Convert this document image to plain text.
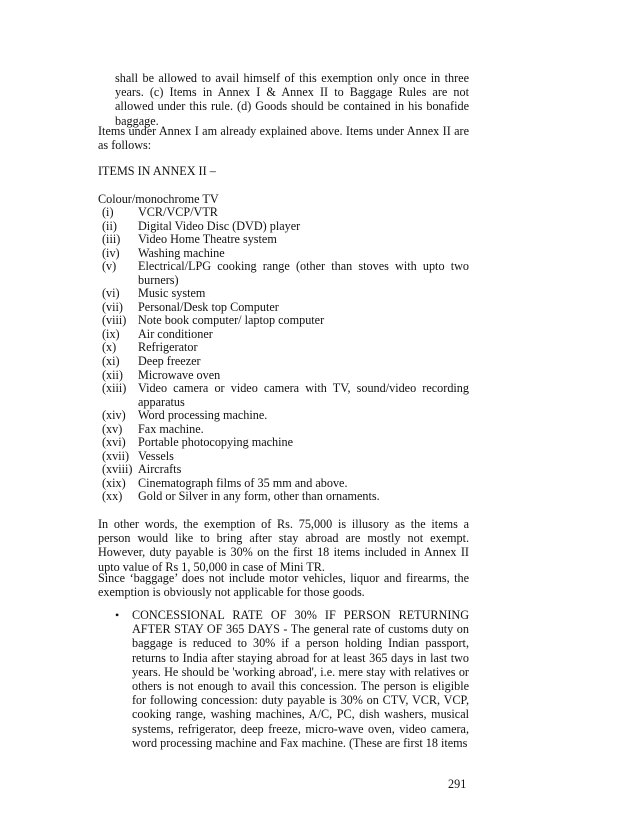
shall be allowed to avail himself of this exemption only once in three years. (c) Items in Annex I & Annex II to Baggage Rules are not allowed under this rule. (d) Goods should be contained in his bonafide baggage.

Items under Annex I am already explained above. Items under Annex II are as follows:

ITEMS IN ANNEX II –

Colour/monochrome TV

(i)	VCR/VCP/VTR
(ii)	Digital Video Disc (DVD) player
(iii)	Video Home Theatre system
(iv)	Washing machine
(v)	Electrical/LPG cooking range (other than stoves with upto two burners)
(vi)	Music system
(vii)	Personal/Desk top Computer
(viii) Note book computer/ laptop computer
(ix)	Air conditioner
(x)	Refrigerator
(xi)	Deep freezer
(xii)	Microwave oven
(xiii) Video camera or video camera with TV, sound/video recording apparatus
(xiv)	Word processing machine.
(xv)	Fax machine.
(xvi)	Portable photocopying machine
(xvii) Vessels
(xviii) Aircrafts
(xix)	Cinematograph films of 35 mm and above.
(xx)	Gold or Silver in any form, other than ornaments.

In other words, the exemption of Rs. 75,000 is illusory as the items a person would like to bring after stay abroad are mostly not exempt. However, duty payable is 30% on the first 18 items included in Annex II upto value of Rs 1, 50,000 in case of Mini TR.

Since ‘baggage’ does not include motor vehicles, liquor and firearms, the exemption is obviously not applicable for those goods.

•	CONCESSIONAL RATE OF 30% IF PERSON RETURNING AFTER STAY OF 365 DAYS - The general rate of customs duty on baggage is reduced to 30% if a person holding Indian passport, returns to India after staying abroad for at least 365 days in last two years. He should be 'working abroad', i.e. mere stay with relatives or others is not enough to avail this concession. The person is eligible for following concession: duty payable is 30% on CTV, VCR, VCP, cooking range, washing machines, A/C, PC, dish washers, musical systems, refrigerator, deep freeze, micro-wave oven, video camera, word processing machine and Fax machine. (These are first 18 items

291
